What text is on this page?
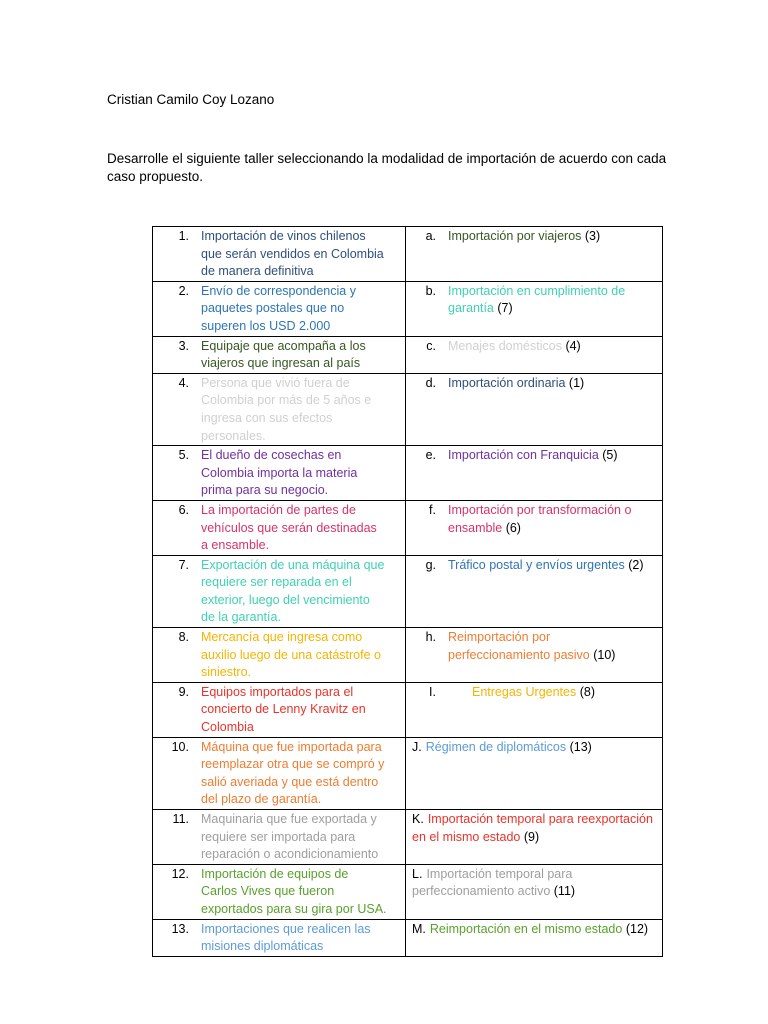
Cristian Camilo Coy Lozano
Desarrolle el siguiente taller seleccionando la modalidad de importación de acuerdo con cada caso propuesto.
1. Importación de vinos chilenos que serán vendidos en Colombia de manera definitiva	a. Importación por viajeros (3)
2. Envío de correspondencia y paquetes postales que no superen los USD 2.000	b. Importación en cumplimiento de garantía (7)
3. Equipaje que acompaña a los viajeros que ingresan al país	c. Menajes domésticos (4)
4. Persona que vivió fuera de Colombia por más de 5 años e ingresa con sus efectos personales.	d. Importación ordinaria (1)
5. El dueño de cosechas en Colombia importa la materia prima para su negocio.	e. Importación con Franquicia (5)
6. La importación de partes de vehículos que serán destinadas a ensamble.	f. Importación por transformación o ensamble (6)
7. Exportación de una máquina que requiere ser reparada en el exterior, luego del vencimiento de la garantía.	g. Tráfico postal y envíos urgentes (2)
8. Mercancía que ingresa como auxilio luego de una catástrofe o siniestro.	h. Reimportación por perfeccionamiento pasivo (10)
9. Equipos importados para el concierto de Lenny Kravitz en Colombia	I. Entregas Urgentes (8)
10. Máquina que fue importada para reemplazar otra que se compró y salió averiada y que está dentro del plazo de garantía.	J. Régimen de diplomáticos (13)
11. Maquinaria que fue exportada y requiere ser importada para reparación o acondicionamiento	K. Importación temporal para reexportación en el mismo estado (9)
12. Importación de equipos de Carlos Vives que fueron exportados para su gira por USA.	L. Importación temporal para perfeccionamiento activo (11)
13. Importaciones que realicen las misiones diplomáticas	M. Reimportación en el mismo estado (12)
